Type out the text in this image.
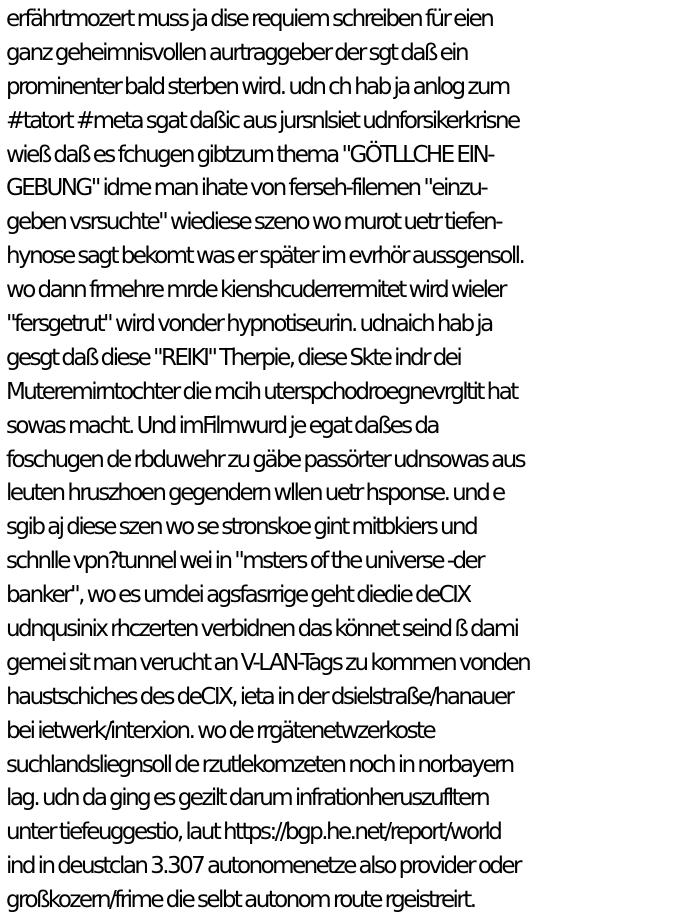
erfährtmozert muss ja dise requiem schreiben für eien
ganz geheimnisvollen aurtraggeber der sgt daß ein
prominenter bald sterben wird. udn ch hab ja anlog zum
#tatort #meta sgat daßic aus jursnlsiet udnforsikerkrisne
wieß daß es fchugen gibtzum thema "GÖTLLCHE EIN-
GEBUNG" idme man ihate von ferseh-filemen "einzu-
geben vsrsuchte" wiediese szeno wo murot uetr tiefen-
hynose sagt bekomt was er später im evrhör aussgensoll.
wo dann frmehre mrde kienshcuderrermitet wird wieler
"fersgetrut" wird vonder hypnotiseurin. udnaich hab ja
gesgt daß diese "REIKI" Therpie, diese Skte indr dei
Muteremirntochter die mcih uterspchodroegnevrgltit hat
sowas macht. Und imFilmwurd je egat daßes da
foschugen de rbduwehr zu gäbe passörter udnsowas aus
leuten hruszhoen gegendern wllen uetr hsponse. und e
sgib aj diese szen wo se stronskoe gint mitbkiers und
schnlle vpn?tunnel wei in "msters of the universe -der
banker", wo es umdei agsfasrrige geht diedie deCIX
udnqusinix rhczerten verbidnen das könnet seind ß dami
gemei sit man verucht an V-LAN-Tags zu kommen vonden
haustschiches des deCIX, ieta in der dsielstraße/hanauer
bei ietwerk/interxion. wo de rrgätenetwzerkoste
suchlandsliegnsoll de rzutlekomzeten noch in norbayern
lag. udn da ging es gezilt darum infrationheruszufltern
unter tiefeuggestio, laut https://bgp.he.net/report/world
ind in deustclan 3.307 autonomenetze also provider oder
großkozern/frime die selbt autonom route rgeistreirt.
